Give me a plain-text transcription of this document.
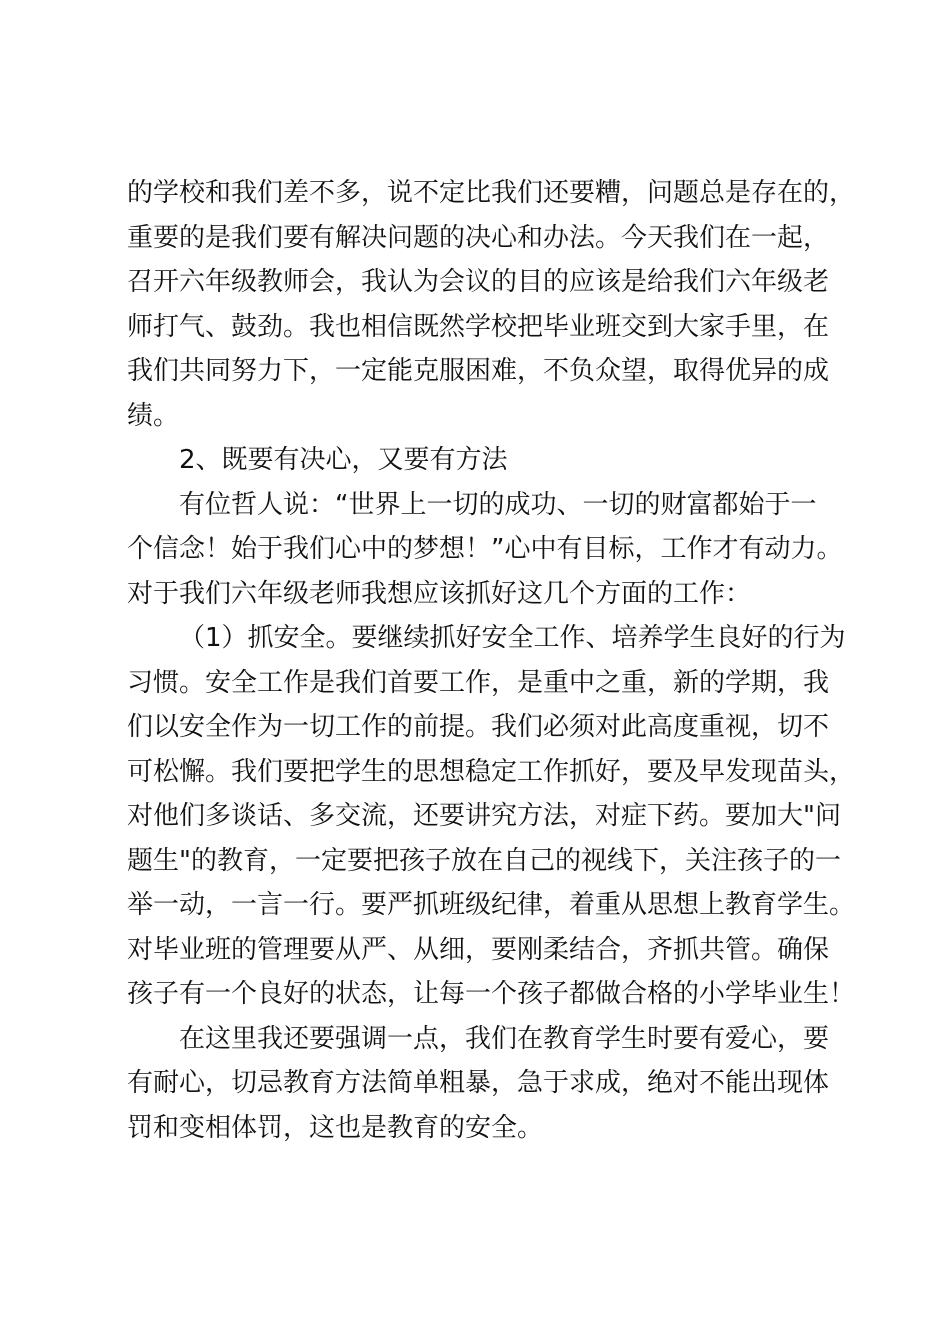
的学校和我们差不多，说不定比我们还要糟，问题总是存在的，
重要的是我们要有解决问题的决心和办法。今天我们在一起，
召开六年级教师会，我认为会议的目的应该是给我们六年级老
师打气、鼓劲。我也相信既然学校把毕业班交到大家手里，在
我们共同努力下，一定能克服困难，不负众望，取得优异的成
绩。
2、既要有决心，又要有方法
有位哲人说：“世界上一切的成功、一切的财富都始于一
个信念！始于我们心中的梦想！”心中有目标，工作才有动力。
对于我们六年级老师我想应该抓好这几个方面的工作：
（1）抓安全。要继续抓好安全工作、培养学生良好的行为
习惯。安全工作是我们首要工作，是重中之重，新的学期，我
们以安全作为一切工作的前提。我们必须对此高度重视，切不
可松懈。我们要把学生的思想稳定工作抓好，要及早发现苗头，
对他们多谈话、多交流，还要讲究方法，对症下药。要加大"问
题生"的教育，一定要把孩子放在自己的视线下，关注孩子的一
举一动，一言一行。要严抓班级纪律，着重从思想上教育学生。
对毕业班的管理要从严、从细，要刚柔结合，齐抓共管。确保
孩子有一个良好的状态，让每一个孩子都做合格的小学毕业生！
在这里我还要强调一点，我们在教育学生时要有爱心，要
有耐心，切忌教育方法简单粗暴，急于求成，绝对不能出现体
罚和变相体罚，这也是教育的安全。
